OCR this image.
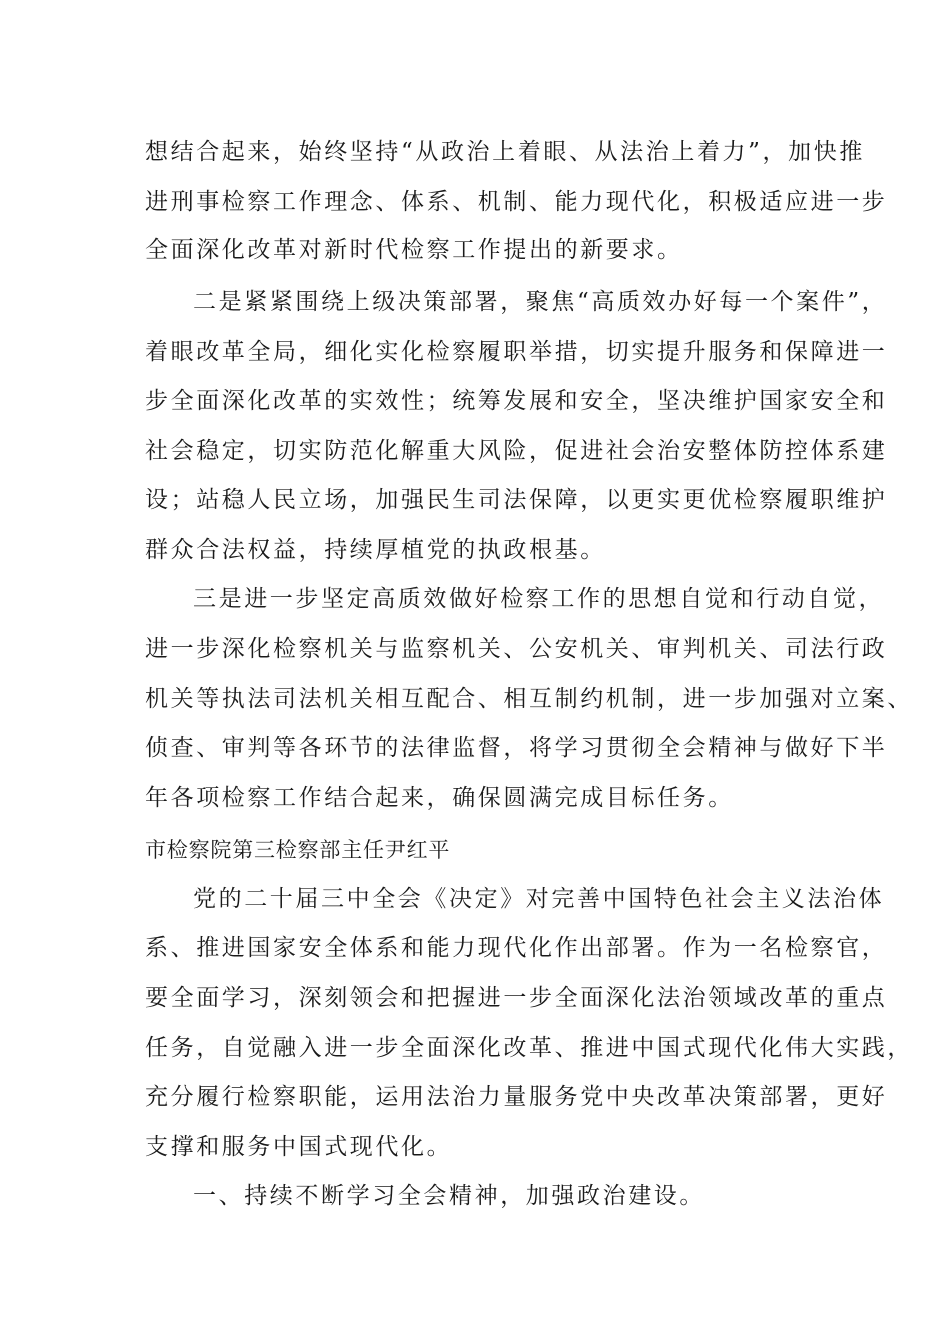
想结合起来，始终坚持“从政治上着眼、从法治上着力”，加快推

进刑事检察工作理念、体系、机制、能力现代化，积极适应进一步

全面深化改革对新时代检察工作提出的新要求。

二是紧紧围绕上级决策部署，聚焦“高质效办好每一个案件”，

着眼改革全局，细化实化检察履职举措，切实提升服务和保障进一

步全面深化改革的实效性；统筹发展和安全，坚决维护国家安全和

社会稳定，切实防范化解重大风险，促进社会治安整体防控体系建

设；站稳人民立场，加强民生司法保障，以更实更优检察履职维护

群众合法权益，持续厚植党的执政根基。

三是进一步坚定高质效做好检察工作的思想自觉和行动自觉，

进一步深化检察机关与监察机关、公安机关、审判机关、司法行政

机关等执法司法机关相互配合、相互制约机制，进一步加强对立案、

侦查、审判等各环节的法律监督，将学习贯彻全会精神与做好下半

年各项检察工作结合起来，确保圆满完成目标任务。

市检察院第三检察部主任尹红平

党的二十届三中全会《决定》对完善中国特色社会主义法治体

系、推进国家安全体系和能力现代化作出部署。作为一名检察官，

要全面学习，深刻领会和把握进一步全面深化法治领域改革的重点

任务，自觉融入进一步全面深化改革、推进中国式现代化伟大实践，

充分履行检察职能，运用法治力量服务党中央改革决策部署，更好

支撑和服务中国式现代化。

一、持续不断学习全会精神，加强政治建设。
